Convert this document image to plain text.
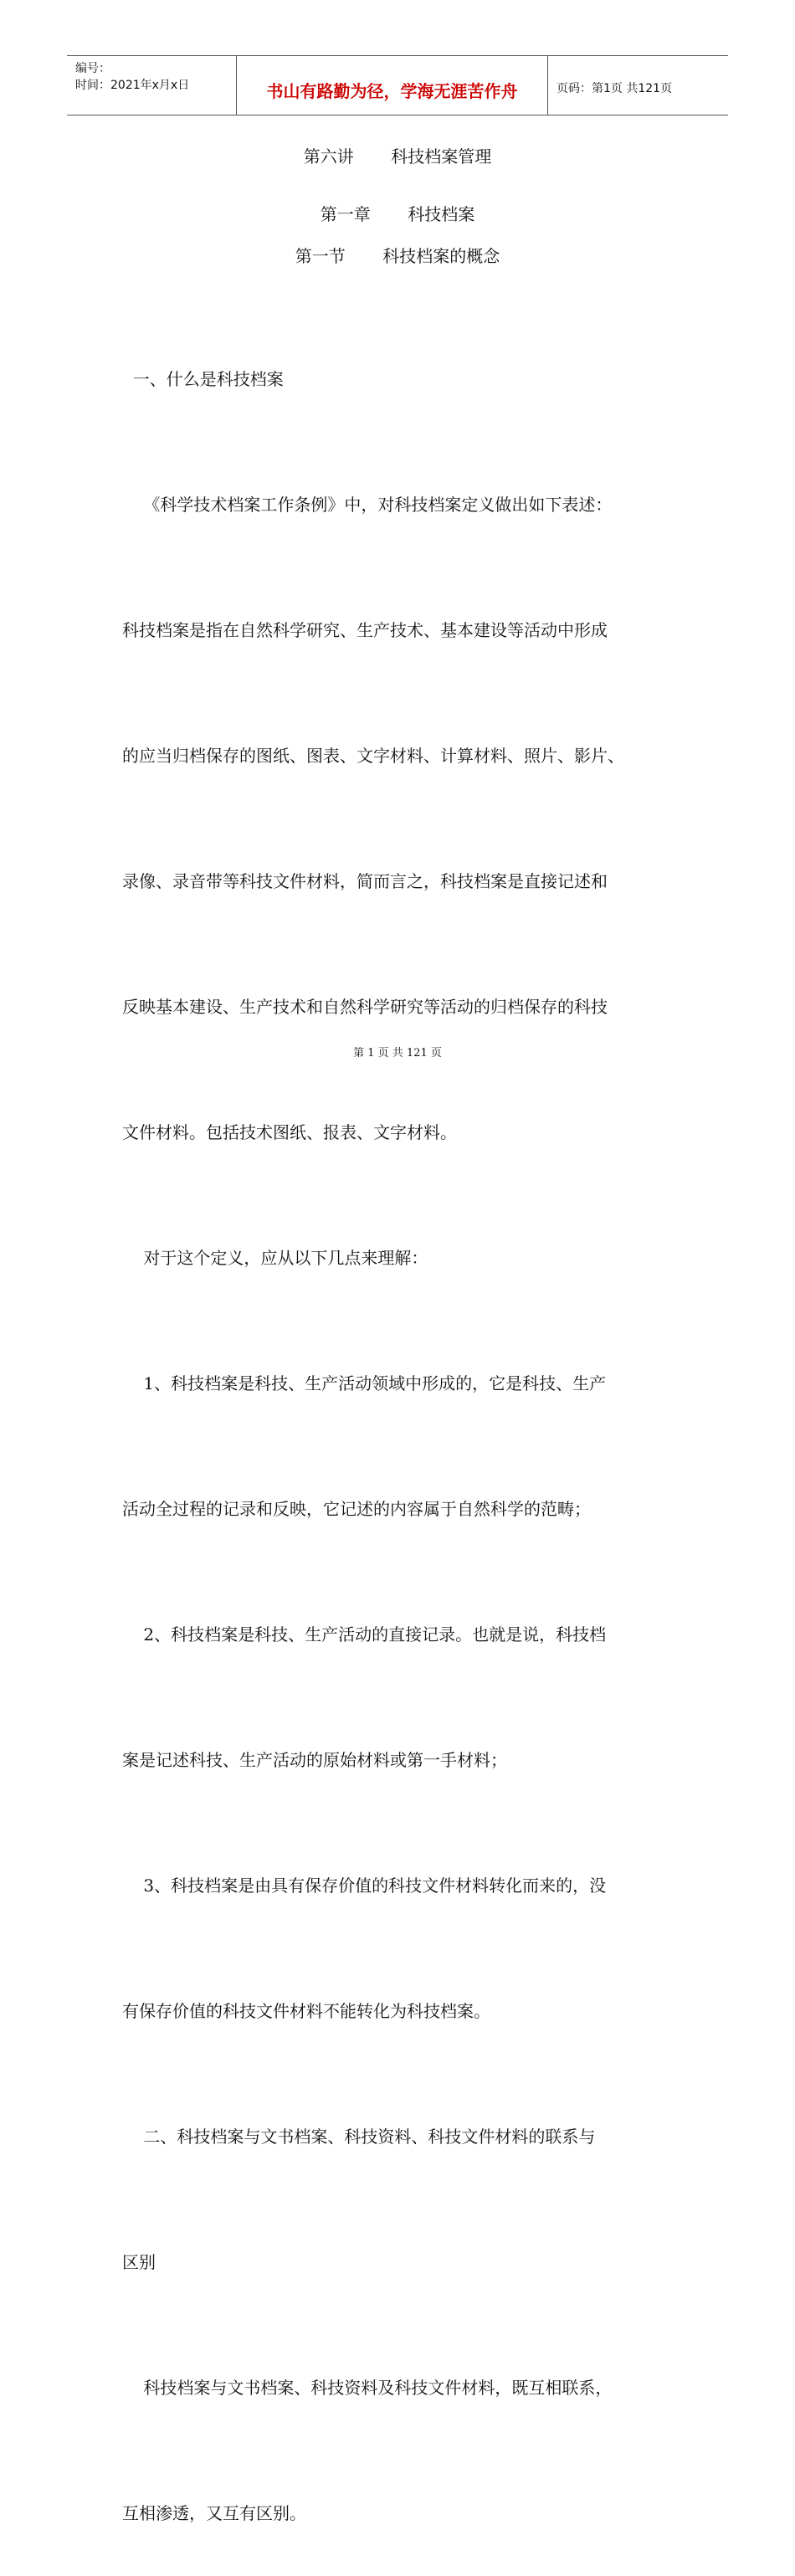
编号：
时间：2021年x月x日	书山有路勤为径，学海无涯苦作舟	页码：第1页 共121页
第六讲       科技档案管理
第一章       科技档案
第一节       科技档案的概念

一、什么是科技档案

《科学技术档案工作条例》中，对科技档案定义做出如下表述：

科技档案是指在自然科学研究、生产技术、基本建设等活动中形成

的应当归档保存的图纸、图表、文字材料、计算材料、照片、影片、

录像、录音带等科技文件材料，简而言之，科技档案是直接记述和

反映基本建设、生产技术和自然科学研究等活动的归档保存的科技

文件材料。包括技术图纸、报表、文字材料。

对于这个定义，应从以下几点来理解：

1、科技档案是科技、生产活动领域中形成的，它是科技、生产

活动全过程的记录和反映，它记述的内容属于自然科学的范畴；

2、科技档案是科技、生产活动的直接记录。也就是说，科技档

案是记述科技、生产活动的原始材料或第一手材料；

3、科技档案是由具有保存价值的科技文件材料转化而来的，没

有保存价值的科技文件材料不能转化为科技档案。

二、科技档案与文书档案、科技资料、科技文件材料的联系与

区别

科技档案与文书档案、科技资料及科技文件材料，既互相联系，

互相渗透，又互有区别。

第 1 页 共 121 页
